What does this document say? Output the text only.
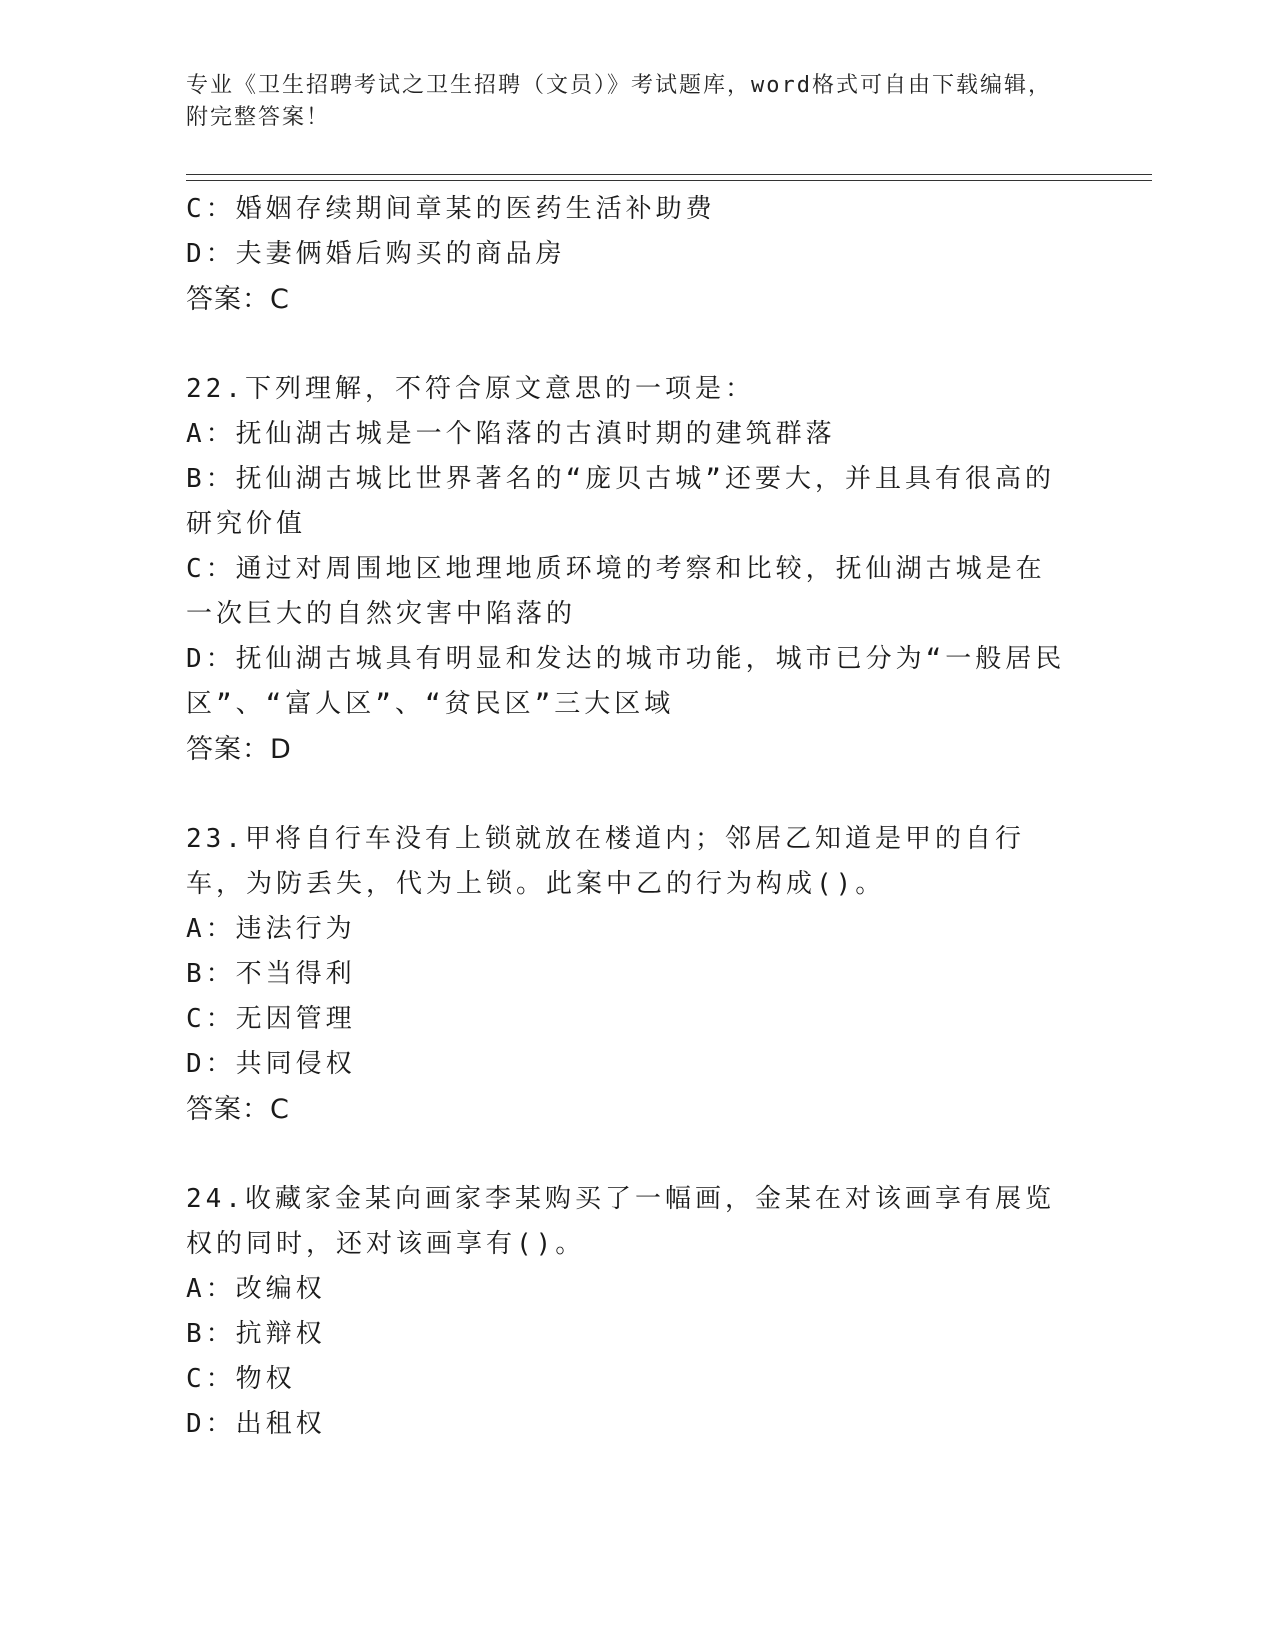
专业《卫生招聘考试之卫生招聘（文员）》考试题库，word格式可自由下载编辑，附完整答案！
C：婚姻存续期间章某的医药生活补助费
D：夫妻俩婚后购买的商品房
答案：C
22.下列理解，不符合原文意思的一项是：
A：抚仙湖古城是一个陷落的古滇时期的建筑群落
B：抚仙湖古城比世界著名的“庞贝古城”还要大，并且具有很高的研究价值
C：通过对周围地区地理地质环境的考察和比较，抚仙湖古城是在一次巨大的自然灾害中陷落的
D：抚仙湖古城具有明显和发达的城市功能，城市已分为“一般居民区”、“富人区”、“贫民区”三大区域
答案：D
23.甲将自行车没有上锁就放在楼道内；邻居乙知道是甲的自行车，为防丢失，代为上锁。此案中乙的行为构成()。
A：违法行为
B：不当得利
C：无因管理
D：共同侵权
答案：C
24.收藏家金某向画家李某购买了一幅画，金某在对该画享有展览权的同时，还对该画享有()。
A：改编权
B：抗辩权
C：物权
D：出租权
